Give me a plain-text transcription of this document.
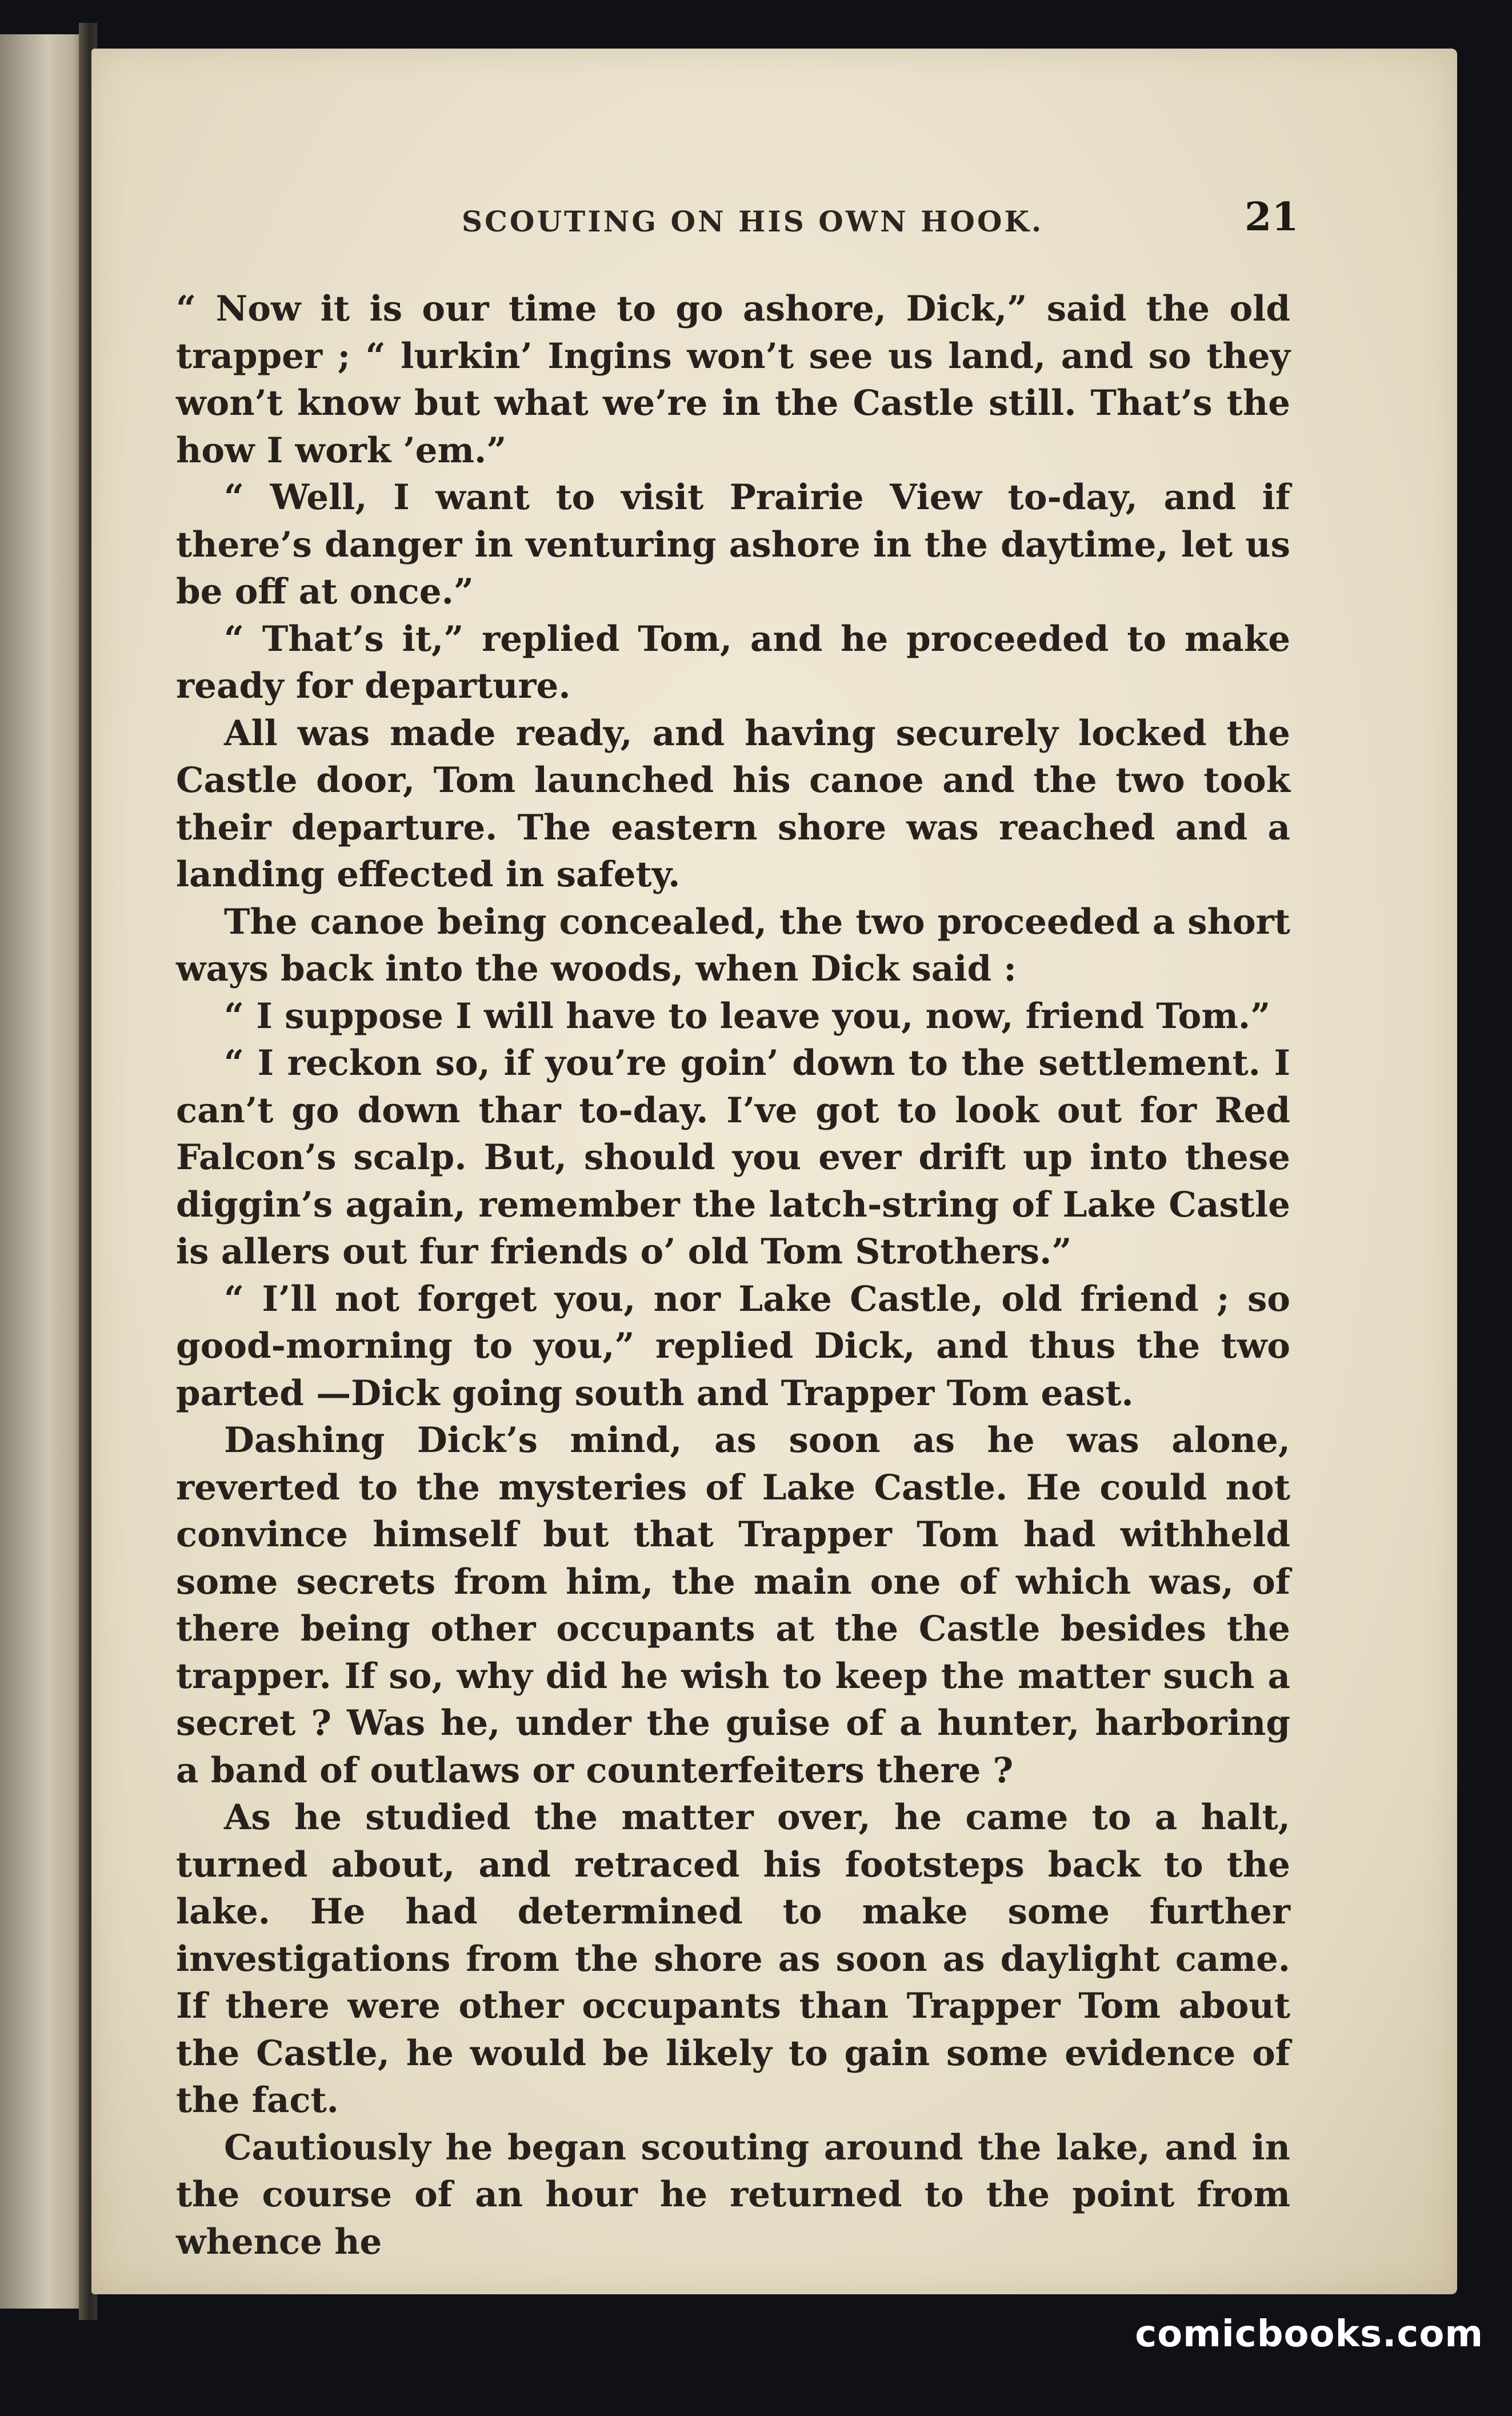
SCOUTING ON HIS OWN HOOK.	21

“ Now it is our time to go ashore, Dick,” said the old trapper ; “ lurkin’ Ingins won’t see us land, and so they won’t know but what we’re in the Castle still. That’s the how I work ’em.”

“ Well, I want to visit Prairie View to-day, and if there’s danger in venturing ashore in the daytime, let us be off at once.”

“ That’s it,” replied Tom, and he proceeded to make ready for departure.

All was made ready, and having securely locked the Castle door, Tom launched his canoe and the two took their departure. The eastern shore was reached and a landing effected in safety.

The canoe being concealed, the two proceeded a short ways back into the woods, when Dick said :

“ I suppose I will have to leave you, now, friend Tom.”

“ I reckon so, if you’re goin’ down to the settlement. I can’t go down thar to-day. I’ve got to look out for Red Falcon’s scalp. But, should you ever drift up into these diggin’s again, remember the latch-string of Lake Castle is allers out fur friends o’ old Tom Strothers.”

“ I’ll not forget you, nor Lake Castle, old friend ; so good-morning to you,” replied Dick, and thus the two parted —Dick going south and Trapper Tom east.

Dashing Dick’s mind, as soon as he was alone, reverted to the mysteries of Lake Castle. He could not convince himself but that Trapper Tom had withheld some secrets from him, the main one of which was, of there being other occupants at the Castle besides the trapper. If so, why did he wish to keep the matter such a secret ? Was he, under the guise of a hunter, harboring a band of outlaws or counterfeiters there ?

As he studied the matter over, he came to a halt, turned about, and retraced his footsteps back to the lake. He had determined to make some further investigations from the shore as soon as daylight came. If there were other occupants than Trapper Tom about the Castle, he would be likely to gain some evidence of the fact.

Cautiously he began scouting around the lake, and in the course of an hour he returned to the point from whence he

comicbooks.com
